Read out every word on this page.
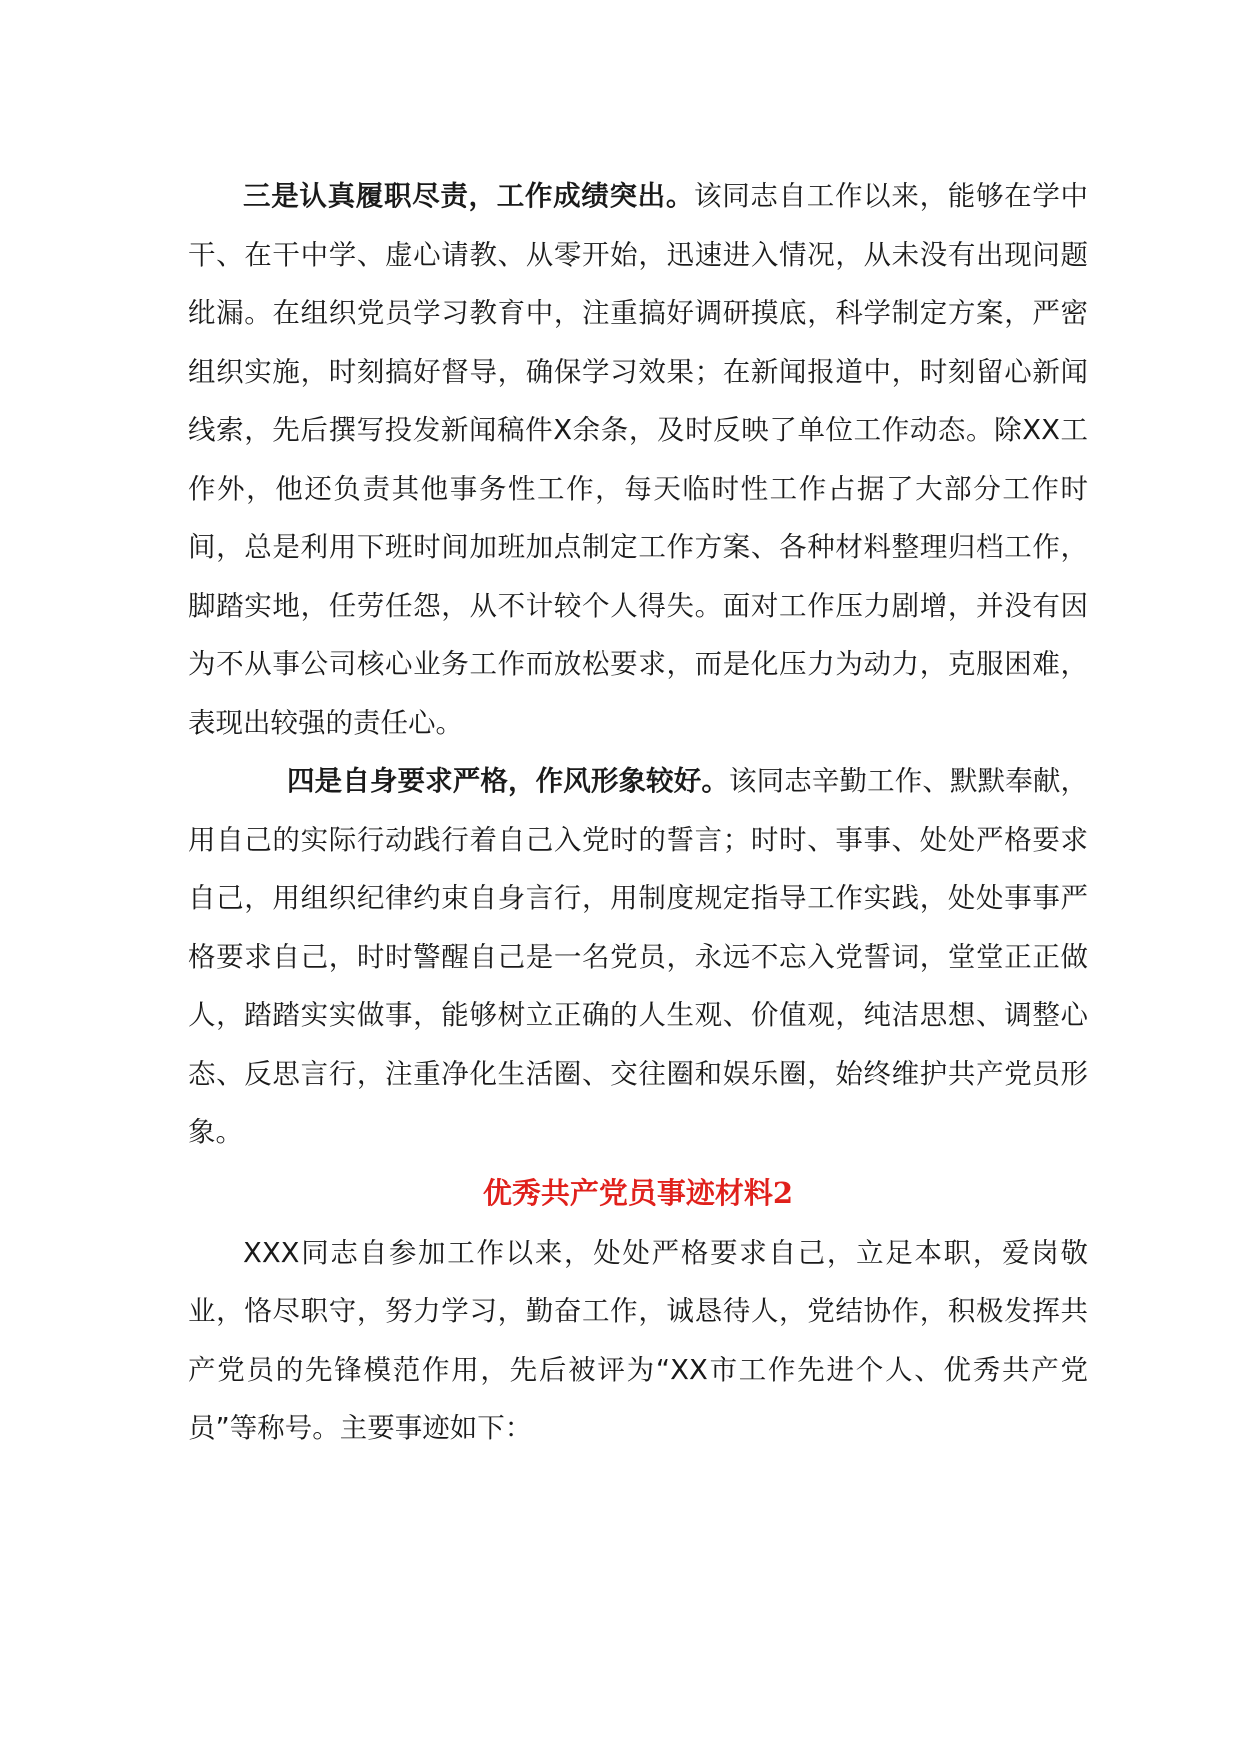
三是认真履职尽责，工作成绩突出。该同志自工作以来，能够在学中干、在干中学、虚心请教、从零开始，迅速进入情况，从未没有出现问题纰漏。在组织党员学习教育中，注重搞好调研摸底，科学制定方案，严密组织实施，时刻搞好督导，确保学习效果；在新闻报道中，时刻留心新闻线索，先后撰写投发新闻稿件X余条，及时反映了单位工作动态。除XX工作外，他还负责其他事务性工作，每天临时性工作占据了大部分工作时间，总是利用下班时间加班加点制定工作方案、各种材料整理归档工作，脚踏实地，任劳任怨，从不计较个人得失。面对工作压力剧增，并没有因为不从事公司核心业务工作而放松要求，而是化压力为动力，克服困难，表现出较强的责任心。

四是自身要求严格，作风形象较好。该同志辛勤工作、默默奉献，用自己的实际行动践行着自己入党时的誓言；时时、事事、处处严格要求自己，用组织纪律约束自身言行，用制度规定指导工作实践，处处事事严格要求自己，时时警醒自己是一名党员，永远不忘入党誓词，堂堂正正做人，踏踏实实做事，能够树立正确的人生观、价值观，纯洁思想、调整心态、反思言行，注重净化生活圈、交往圈和娱乐圈，始终维护共产党员形象。

优秀共产党员事迹材料2

XXX同志自参加工作以来，处处严格要求自己，立足本职，爱岗敬业，恪尽职守，努力学习，勤奋工作，诚恳待人，党结协作，积极发挥共产党员的先锋模范作用，先后被评为“XX市工作先进个人、优秀共产党员”等称号。主要事迹如下：
